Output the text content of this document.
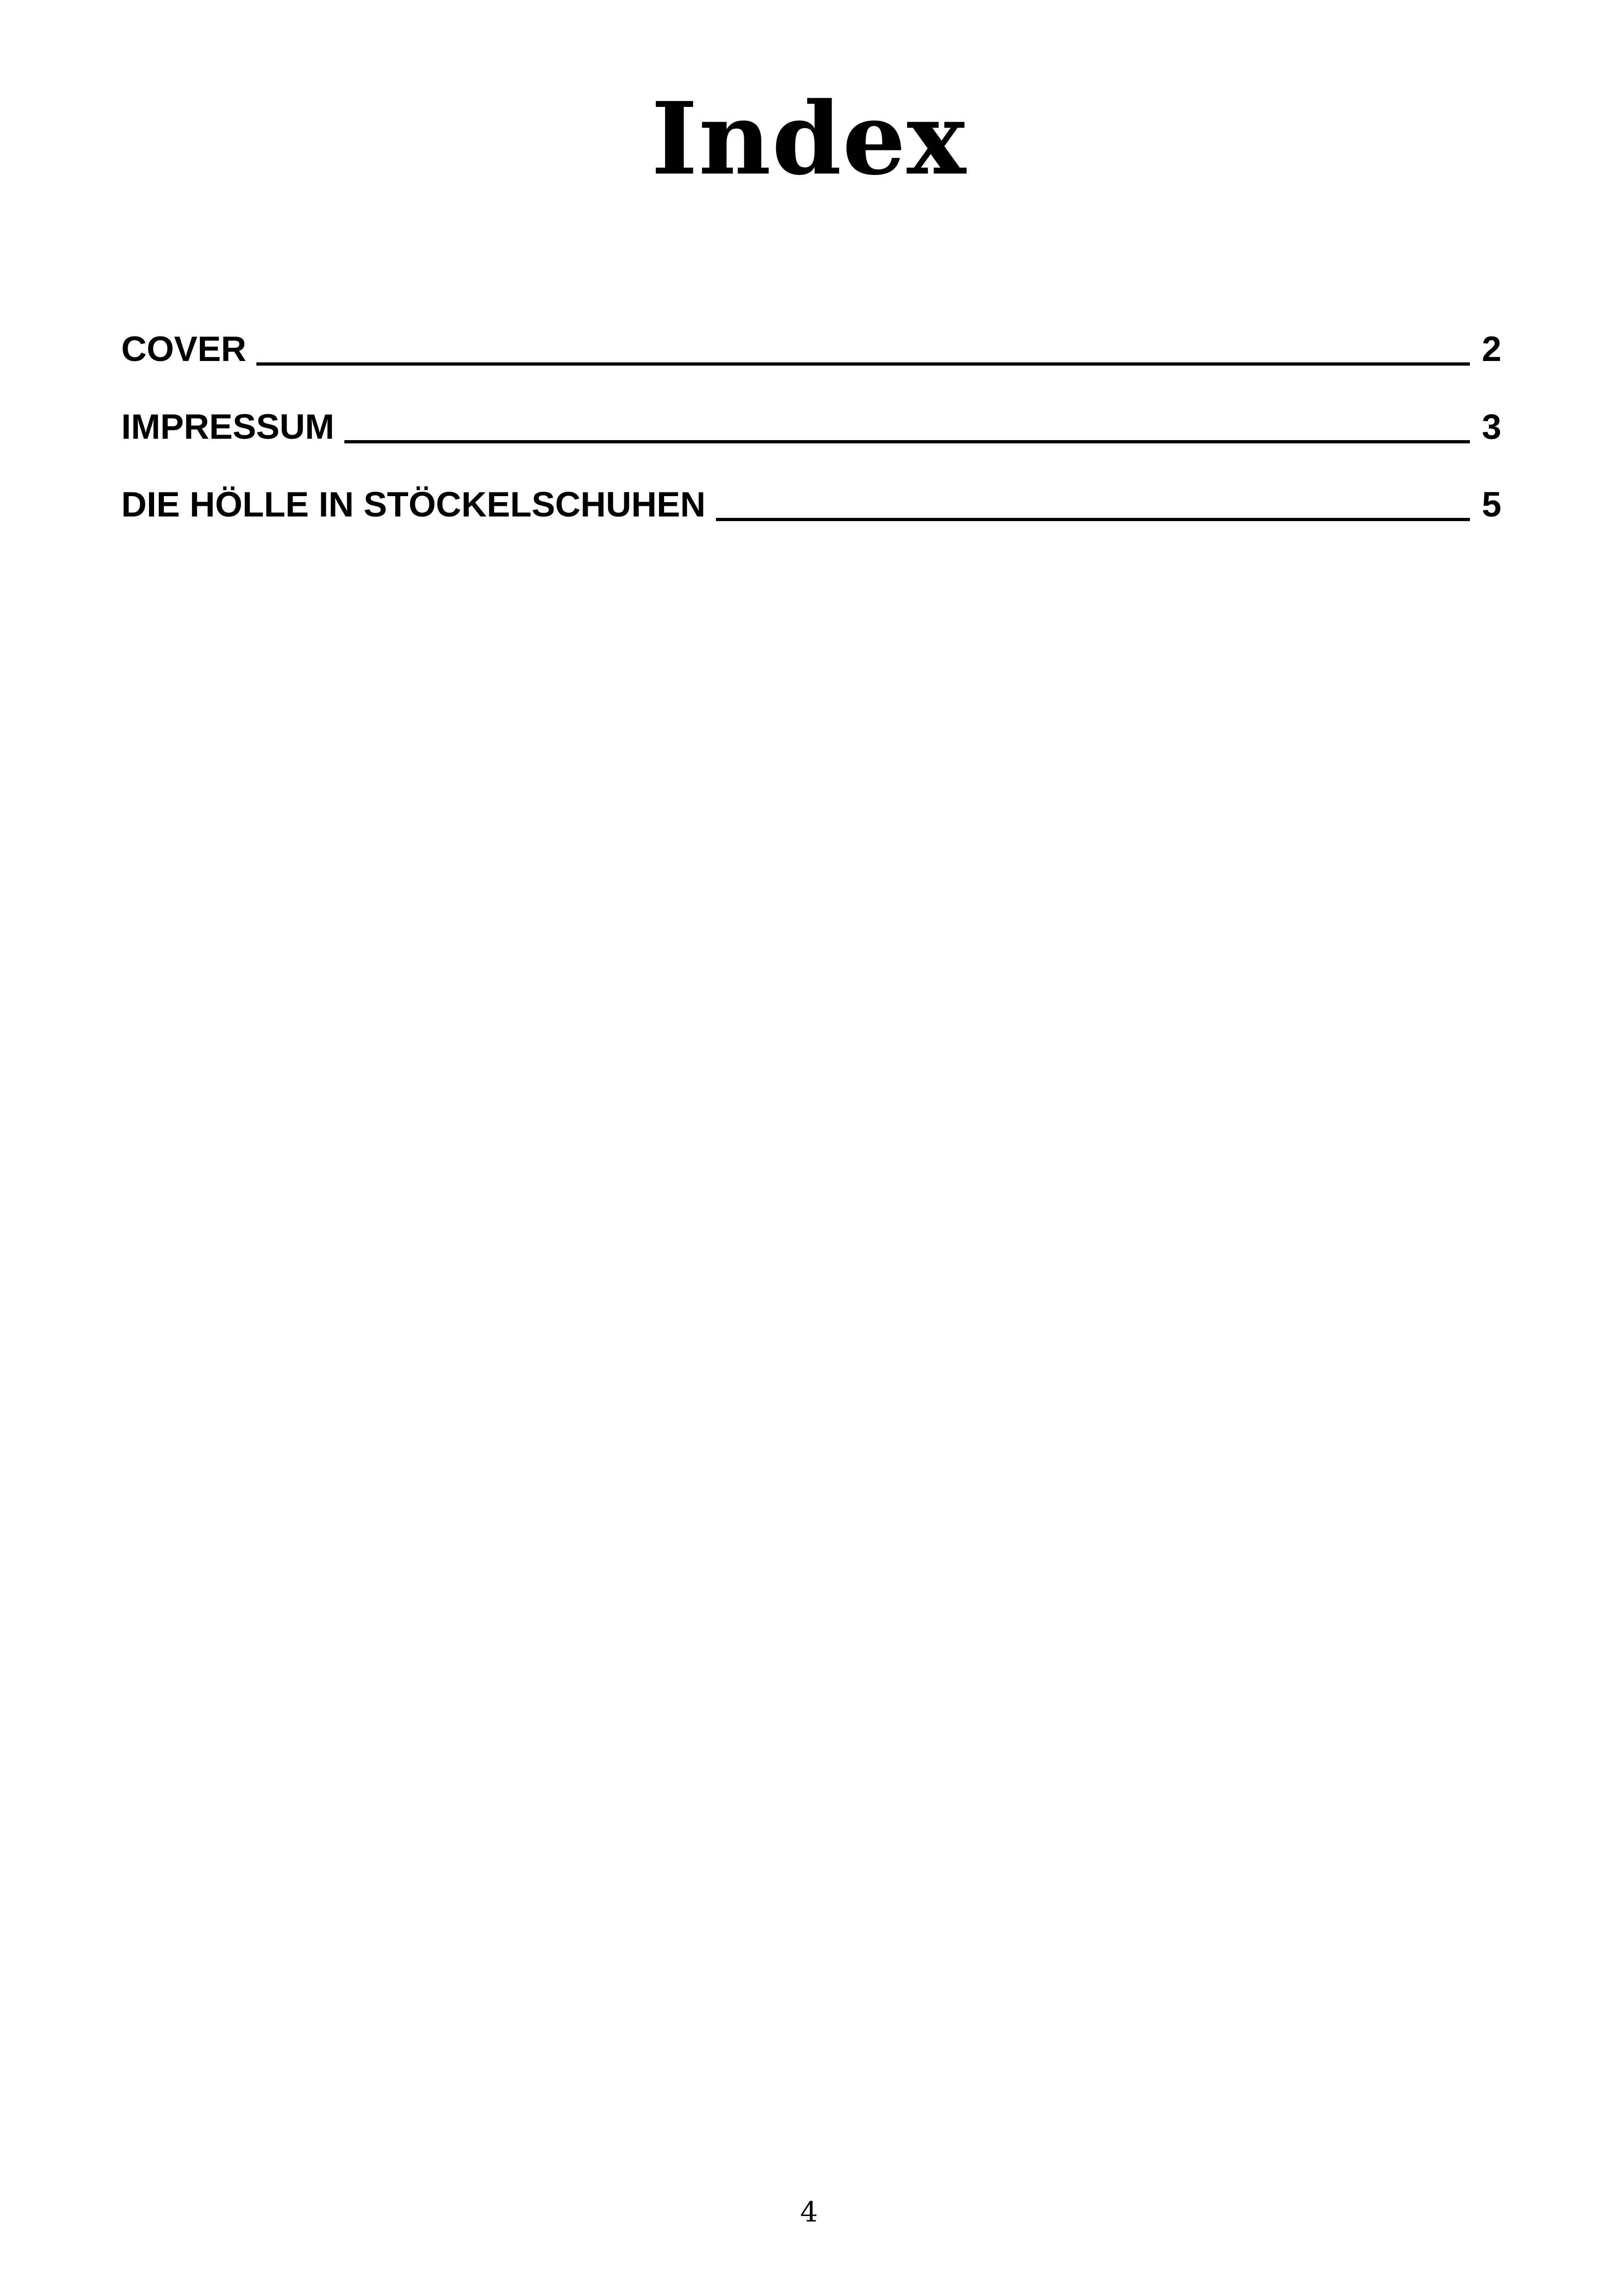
Index
COVER	2
IMPRESSUM	3
DIE HÖLLE IN STÖCKELSCHUHEN	5
4
